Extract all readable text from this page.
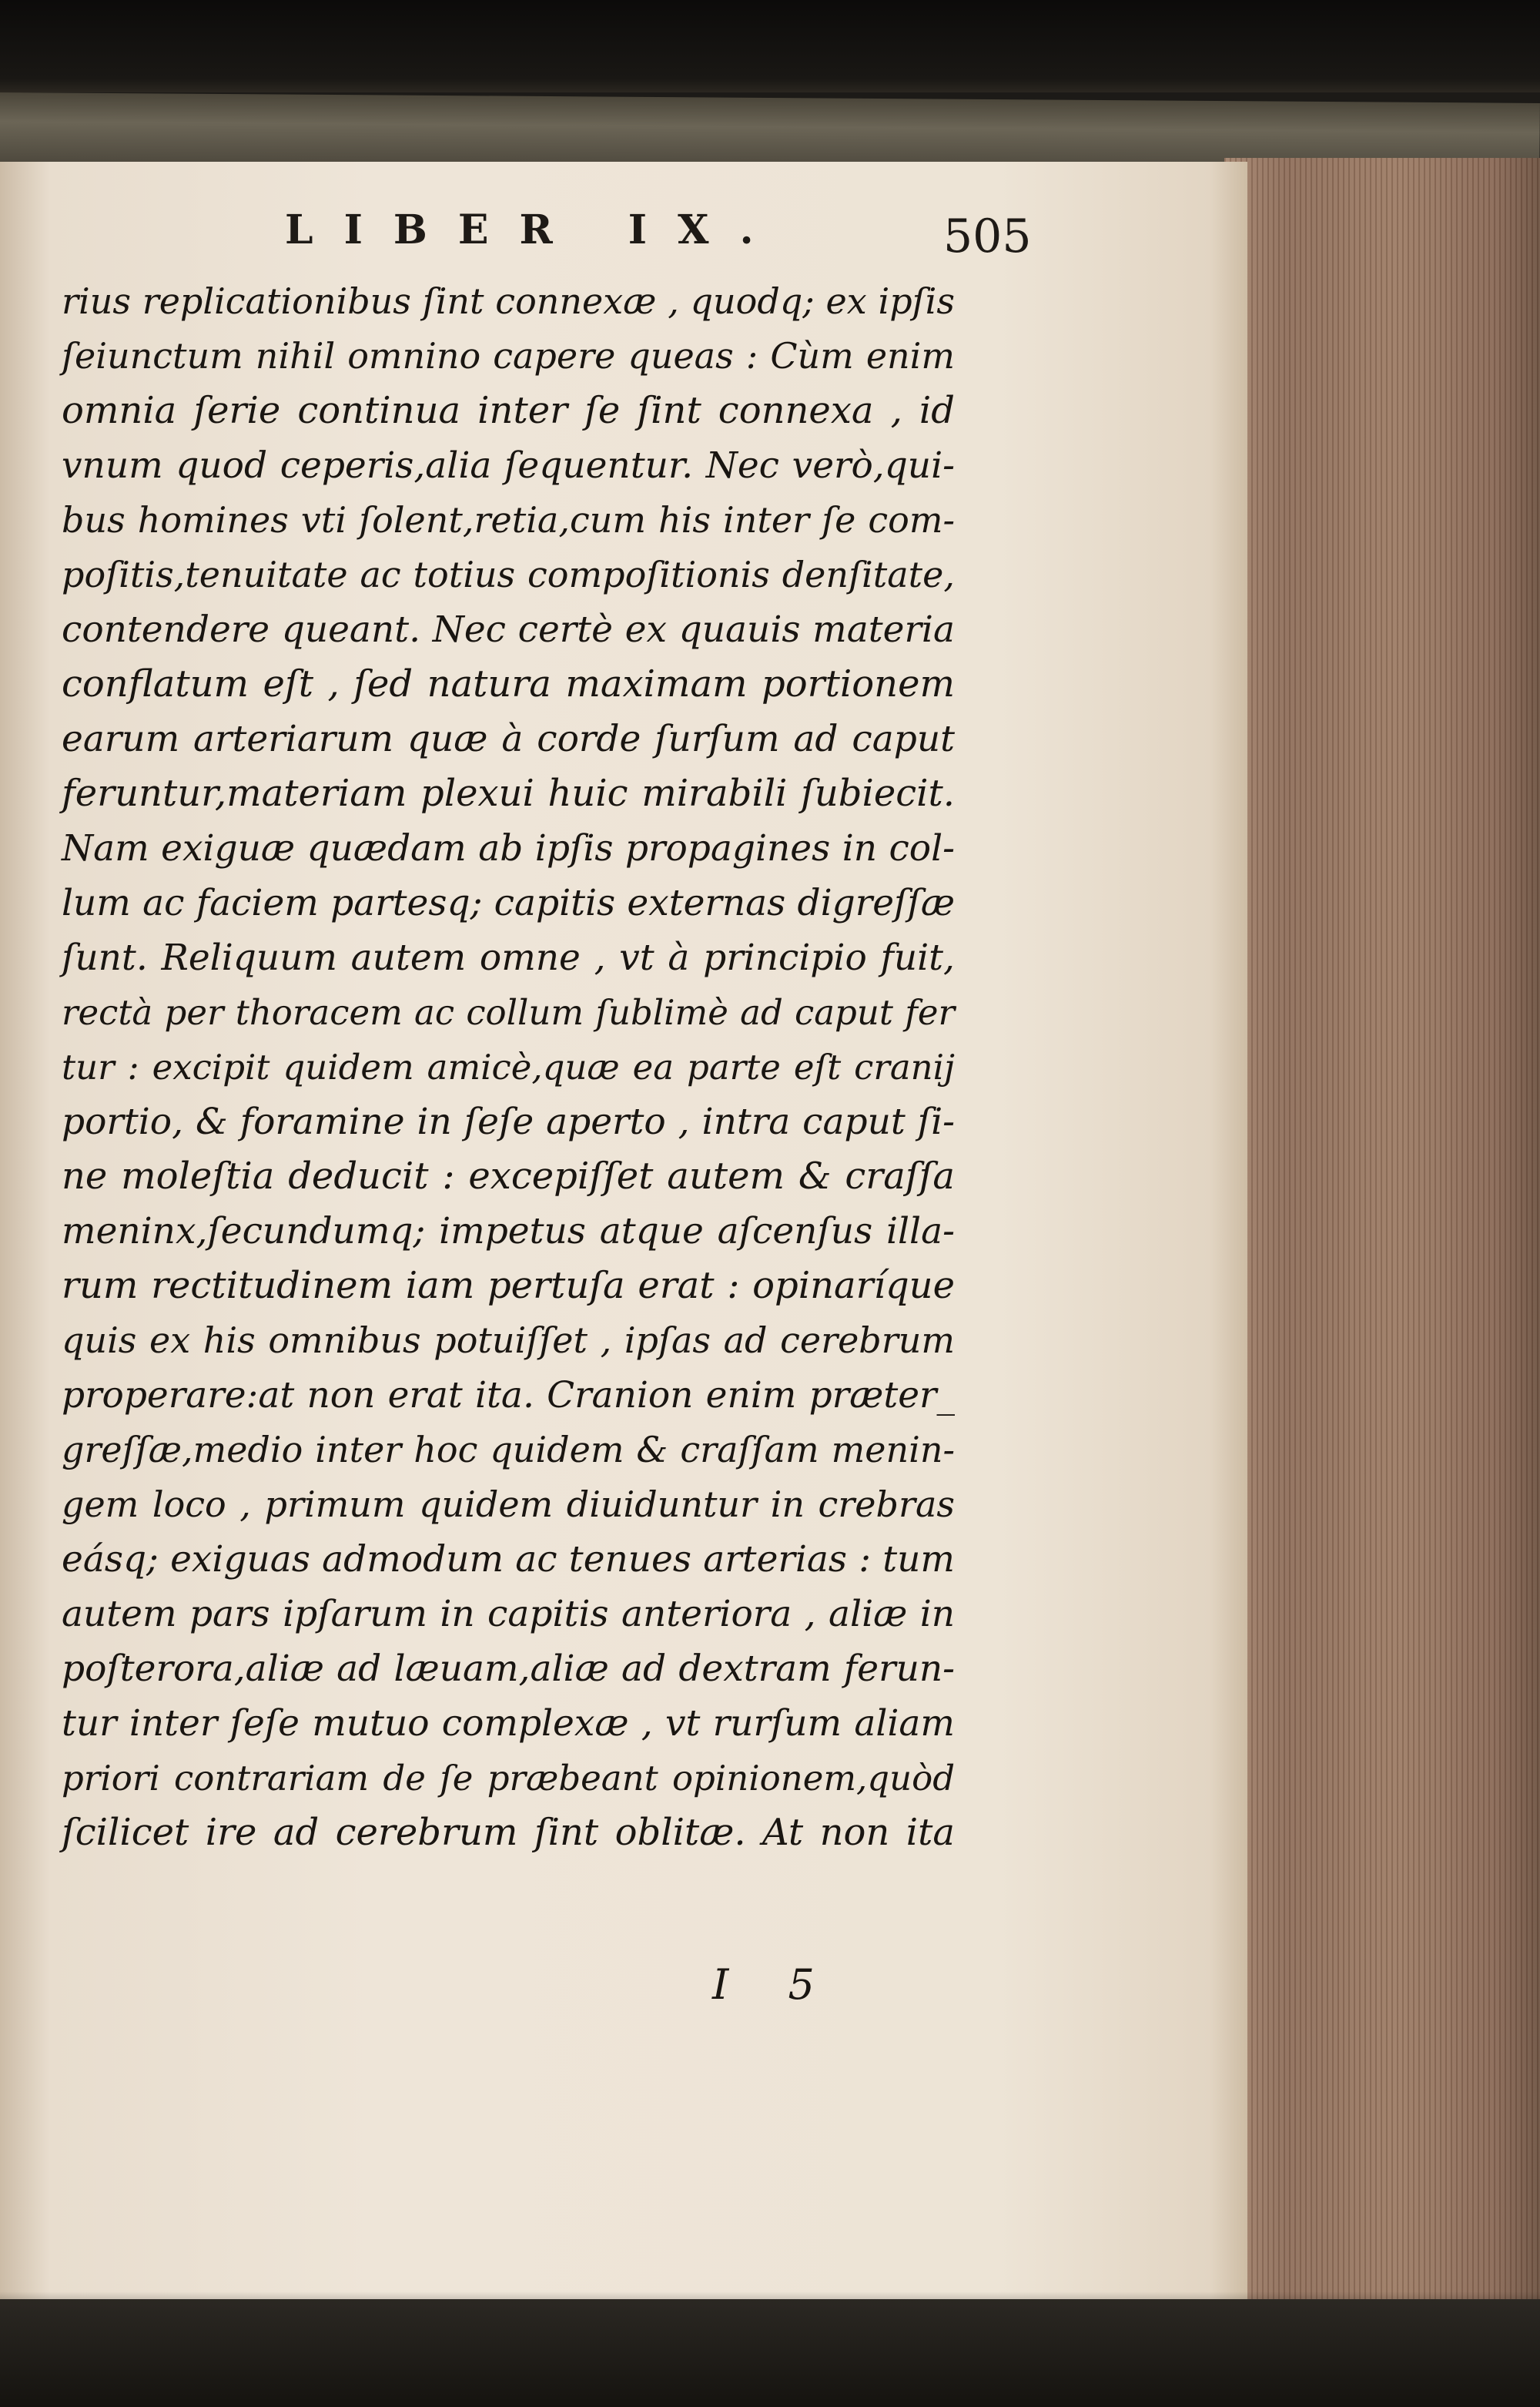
LIBER IX.	505
rius replicationibus ſint connexæ , quodq; ex ipſis
ſeiunctum nihil omnino capere queas : Cùm enim
omnia ſerie continua inter ſe ſint connexa , id
vnum quod ceperis,alia ſequentur. Nec verò,qui-
bus homines vti ſolent,retia,cum his inter ſe com-
poſitis,tenuitate ac totius compoſitionis denſitate,
contendere queant. Nec certè ex quauis materia
conflatum eſt , ſed natura maximam portionem
earum arteriarum quæ à corde ſurſum ad caput
feruntur,materiam plexui huic mirabili ſubiecit.
Nam exiguæ quædam ab ipſis propagines in col-
lum ac faciem partesq; capitis externas digreſſæ
ſunt. Reliquum autem omne , vt à principio fuit,
rectà per thoracem ac collum ſublimè ad caput fer
tur : excipit quidem amicè,quæ ea parte eſt cranij
portio, & foramine in ſeſe aperto , intra caput ſi-
ne moleſtia deducit : excepiſſet autem & craſſa
meninx,ſecundumq; impetus atque aſcenſus illa-
rum rectitudinem iam pertuſa erat : opinaríque
quis ex his omnibus potuiſſet , ipſas ad cerebrum
properare:at non erat ita. Cranion enim præter_
greſſæ,medio inter hoc quidem & craſſam menin-
gem loco , primum quidem diuiduntur in crebras
eásq; exiguas admodum ac tenues arterias : tum
autem pars ipſarum in capitis anteriora , aliæ in
poſterora,aliæ ad læuam,aliæ ad dextram ferun-
tur inter ſeſe mutuo complexæ , vt rurſum aliam
priori contrariam de ſe præbeant opinionem,quòd
ſcilicet ire ad cerebrum ſint oblitæ. At non ita
I 5
